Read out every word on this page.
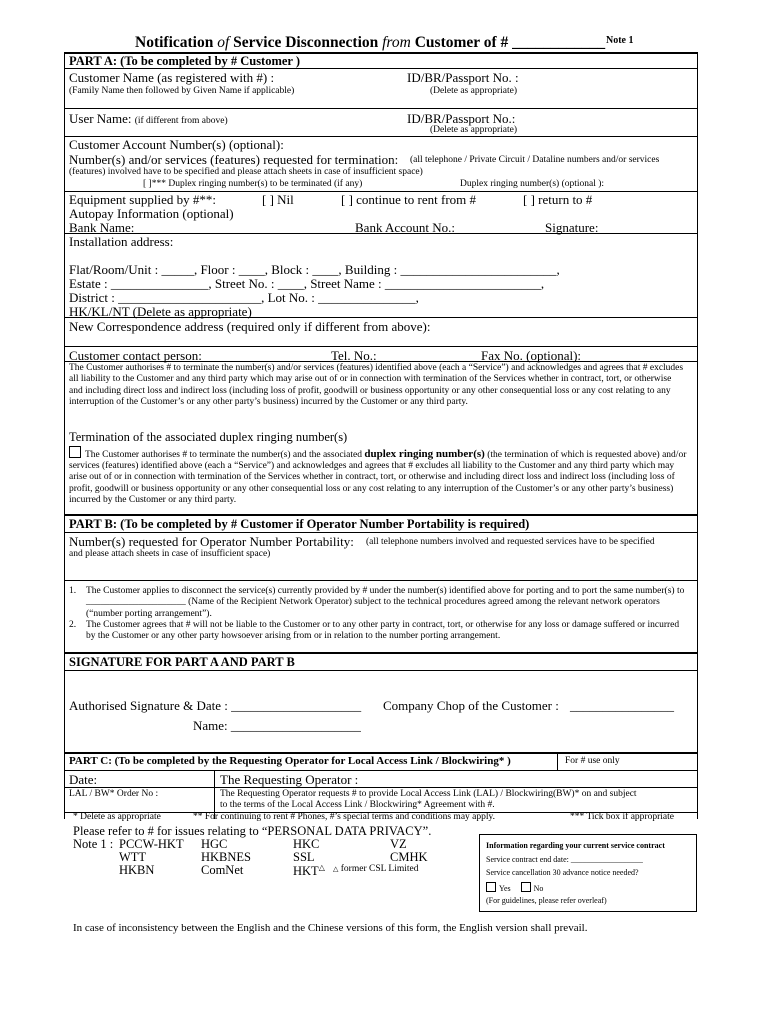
Notification of Service Disconnection from Customer of # ____________ Note 1
PART A: (To be completed by # Customer )
Customer Name (as registered with #) :
(Family Name then followed by Given Name if applicable)
ID/BR/Passport No. :
(Delete as appropriate)
User Name: (if different from above)	ID/BR/Passport No.:
(Delete as appropriate)
Customer Account Number(s) (optional):
Number(s) and/or services (features) requested for termination: (all telephone / Private Circuit / Dataline numbers and/or services
(features) involved have to be specified and please attach sheets in case of insufficient space)
[ ]*** Duplex ringing number(s) to be terminated (if any)	Duplex ringing number(s) (optional ):
Equipment supplied by #**:	[ ] Nil	[ ] continue to rent from #	[ ] return to #
Autopay Information (optional)
Bank Name:	Bank Account No.:	Signature:
Installation address:
Flat/Room/Unit : _____, Floor : ____, Block : ____, Building : ________________________,
Estate : _______________, Street No. : ____, Street Name : ________________________,
District : ______________________, Lot No. : _______________,
HK/KL/NT (Delete as appropriate)
New Correspondence address (required only if different from above):
Customer contact person:	Tel. No.:	Fax No. (optional):
The Customer authorises # to terminate the number(s) and/or services (features) identified above (each a “Service”) and acknowledges and agrees that # excludes all liability to the Customer and any third party which may arise out of or in connection with termination of the Services whether in contract, tort, or otherwise and including direct loss and indirect loss (including loss of profit, goodwill or business opportunity or any other consequential loss or any cost relating to any interruption of the Customer’s or any other party’s business) incurred by the Customer or any third party.
Termination of the associated duplex ringing number(s)
The Customer authorises # to terminate the number(s) and the associated duplex ringing number(s) (the termination of which is requested above) and/or services (features) identified above (each a “Service”) and acknowledges and agrees that # excludes all liability to the Customer and any third party which may arise out of or in connection with termination of the Services whether in contract, tort, or otherwise and including direct loss and indirect loss (including loss of profit, goodwill or business opportunity or any other consequential loss or any cost relating to any interruption of the Customer’s or any other party’s business) incurred by the Customer or any third party.
PART B: (To be completed by # Customer if Operator Number Portability is required)
Number(s) requested for Operator Number Portability: (all telephone numbers involved and requested services have to be specified
and please attach sheets in case of insufficient space)
1. The Customer applies to disconnect the service(s) currently provided by # under the number(s) identified above for porting and to port the same number(s) to _____________________ (Name of the Recipient Network Operator) subject to the technical procedures agreed among the relevant network operators (“number porting arrangement”).
2. The Customer agrees that # will not be liable to the Customer or to any other party in contract, tort, or otherwise for any loss or damage suffered or incurred by the Customer or any other party howsoever arising from or in relation to the number porting arrangement.
SIGNATURE FOR PART A AND PART B
Authorised Signature & Date : ____________________ Company Chop of the Customer : ________________
Name: ____________________
PART C: (To be completed by the Requesting Operator for Local Access Link / Blockwiring* )	For # use only
Date:	The Requesting Operator :
LAL / BW* Order No :	The Requesting Operator requests # to provide Local Access Link (LAL) / Blockwiring(BW)* on and subject
to the terms of the Local Access Link / Blockwiring* Agreement with #.
* Delete as appropriate	** For continuing to rent # Phones, #’s special terms and conditions may apply.	*** Tick box if appropriate
Please refer to # for issues relating to “PERSONAL DATA PRIVACY”.
Note 1 : PCCW-HKT HGC	HKC	VZ
WTT	HKBNES	SSL	CMHK
HKBN	ComNet	HKT△ △ former CSL Limited
Information regarding your current service contract
Service contract end date: __________________
Service cancellation 30 advance notice needed?
Yes	No
(For guidelines, please refer overleaf)
In case of inconsistency between the English and the Chinese versions of this form, the English version shall prevail.
